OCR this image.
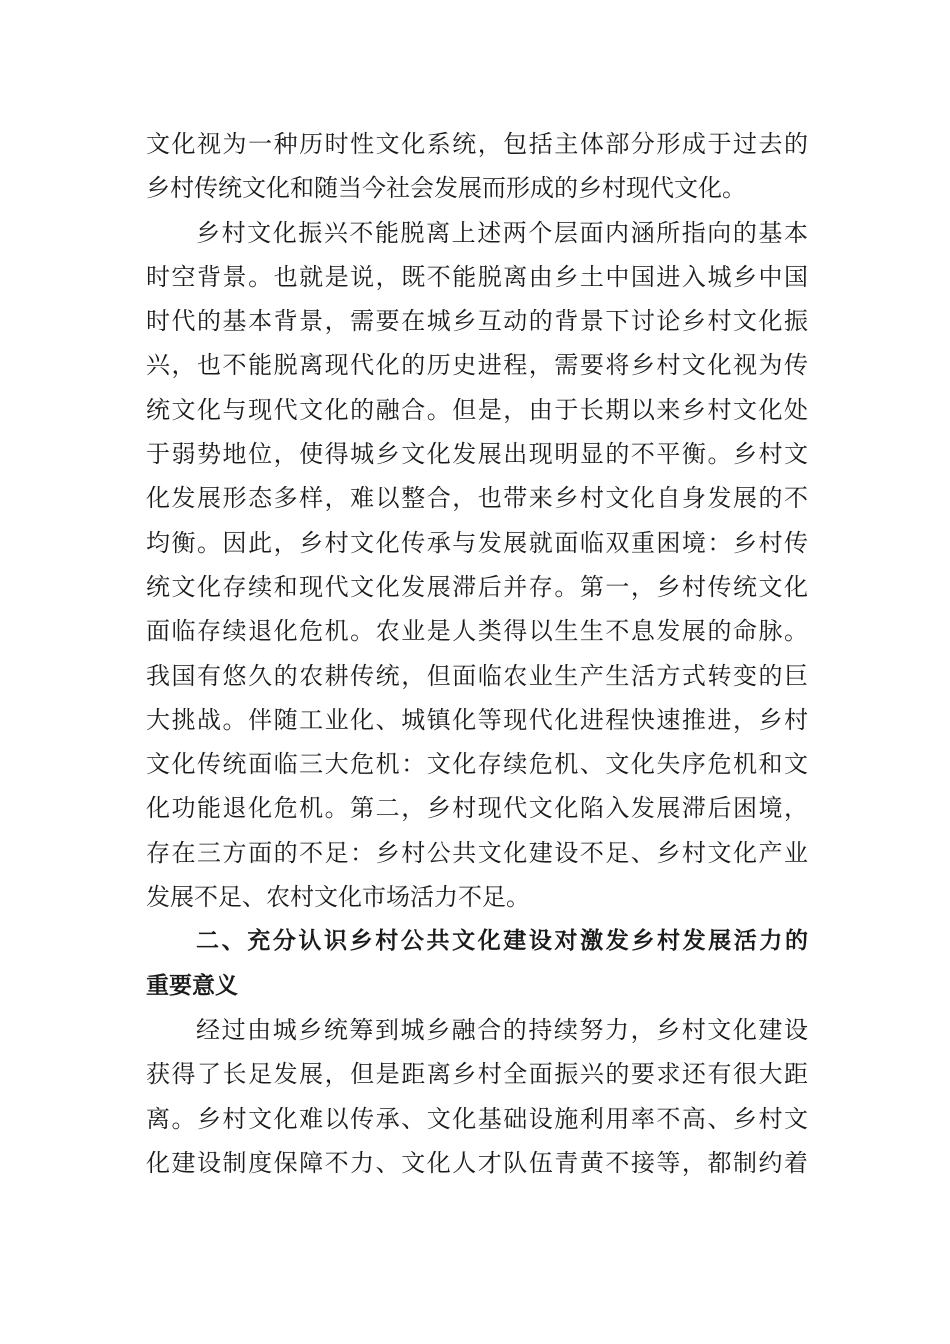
文化视为一种历时性文化系统，包括主体部分形成于过去的
乡村传统文化和随当今社会发展而形成的乡村现代文化。
乡村文化振兴不能脱离上述两个层面内涵所指向的基本
时空背景。也就是说，既不能脱离由乡土中国进入城乡中国
时代的基本背景，需要在城乡互动的背景下讨论乡村文化振
兴，也不能脱离现代化的历史进程，需要将乡村文化视为传
统文化与现代文化的融合。但是，由于长期以来乡村文化处
于弱势地位，使得城乡文化发展出现明显的不平衡。乡村文
化发展形态多样，难以整合，也带来乡村文化自身发展的不
均衡。因此，乡村文化传承与发展就面临双重困境：乡村传
统文化存续和现代文化发展滞后并存。第一，乡村传统文化
面临存续退化危机。农业是人类得以生生不息发展的命脉。
我国有悠久的农耕传统，但面临农业生产生活方式转变的巨
大挑战。伴随工业化、城镇化等现代化进程快速推进，乡村
文化传统面临三大危机：文化存续危机、文化失序危机和文
化功能退化危机。第二，乡村现代文化陷入发展滞后困境，
存在三方面的不足：乡村公共文化建设不足、乡村文化产业
发展不足、农村文化市场活力不足。
二、充分认识乡村公共文化建设对激发乡村发展活力的
重要意义
经过由城乡统筹到城乡融合的持续努力，乡村文化建设
获得了长足发展，但是距离乡村全面振兴的要求还有很大距
离。乡村文化难以传承、文化基础设施利用率不高、乡村文
化建设制度保障不力、文化人才队伍青黄不接等，都制约着
